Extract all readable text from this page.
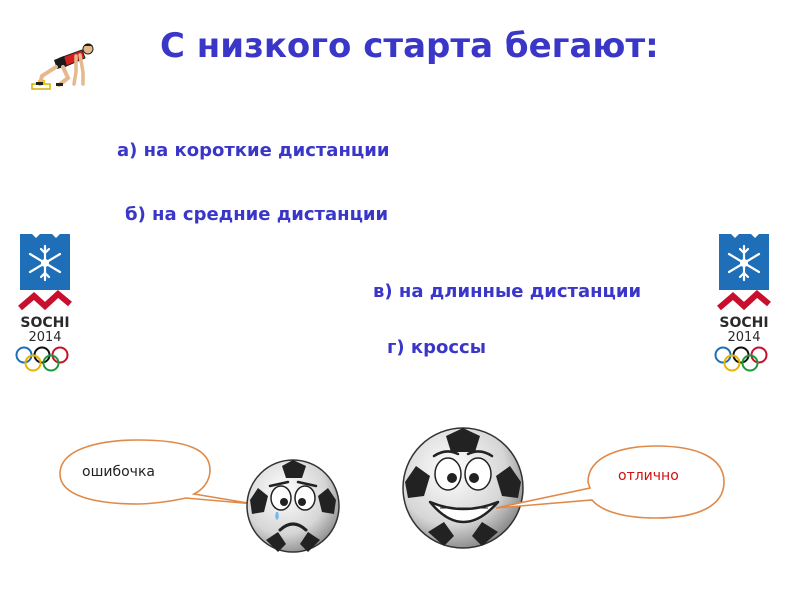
С низкого старта бегают:
а) на короткие дистанции
б) на средние дистанции
в) на длинные дистанции
г) кроссы
SOCHI
2014
SOCHI
2014
ошибочка	отлично
